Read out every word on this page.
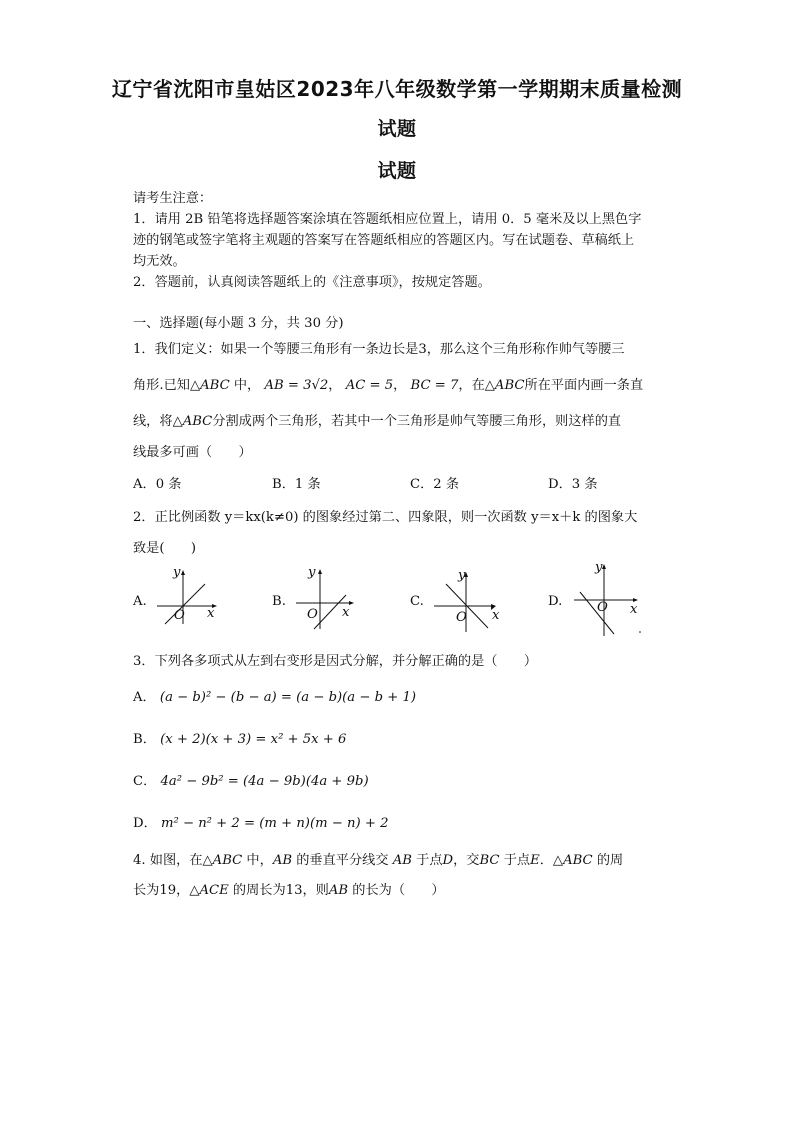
辽宁省沈阳市皇姑区2023年八年级数学第一学期期末质量检测
试题
试题
请考生注意：
1．请用 2B 铅笔将选择题答案涂填在答题纸相应位置上，请用 0．5 毫米及以上黑色字
迹的钢笔或签字笔将主观题的答案写在答题纸相应的答题区内。写在试题卷、草稿纸上
均无效。
2．答题前，认真阅读答题纸上的《注意事项》，按规定答题。
一、选择题(每小题 3 分，共 30 分)
1．我们定义：如果一个等腰三角形有一条边长是3，那么这个三角形称作帅气等腰三
角形.已知△ABC 中， AB = 3√2， AC = 5， BC = 7，在△ABC所在平面内画一条直
线，将△ABC分割成两个三角形，若其中一个三角形是帅气等腰三角形，则这样的直
线最多可画（　　）
A．0 条	B．1 条	C．2 条	D．3 条
2．正比例函数 y＝kx(k≠0) 的图象经过第二、四象限，则一次函数 y＝x＋k 的图象大
致是(　　)
A.
y
x
O
B.
y
x
O
C.
y
x
O
D.
y
x
O
3．下列各多项式从左到右变形是因式分解，并分解正确的是（　　）
A． (a − b)² − (b − a) = (a − b)(a − b + 1)
B． (x + 2)(x + 3) = x² + 5x + 6
C． 4a² − 9b² = (4a − 9b)(4a + 9b)
D． m² − n² + 2 = (m + n)(m − n) + 2
4. 如图，在△ABC 中，AB 的垂直平分线交 AB 于点D，交BC 于点E．△ABC 的周
长为19，△ACE 的周长为13，则AB 的长为（　　）
